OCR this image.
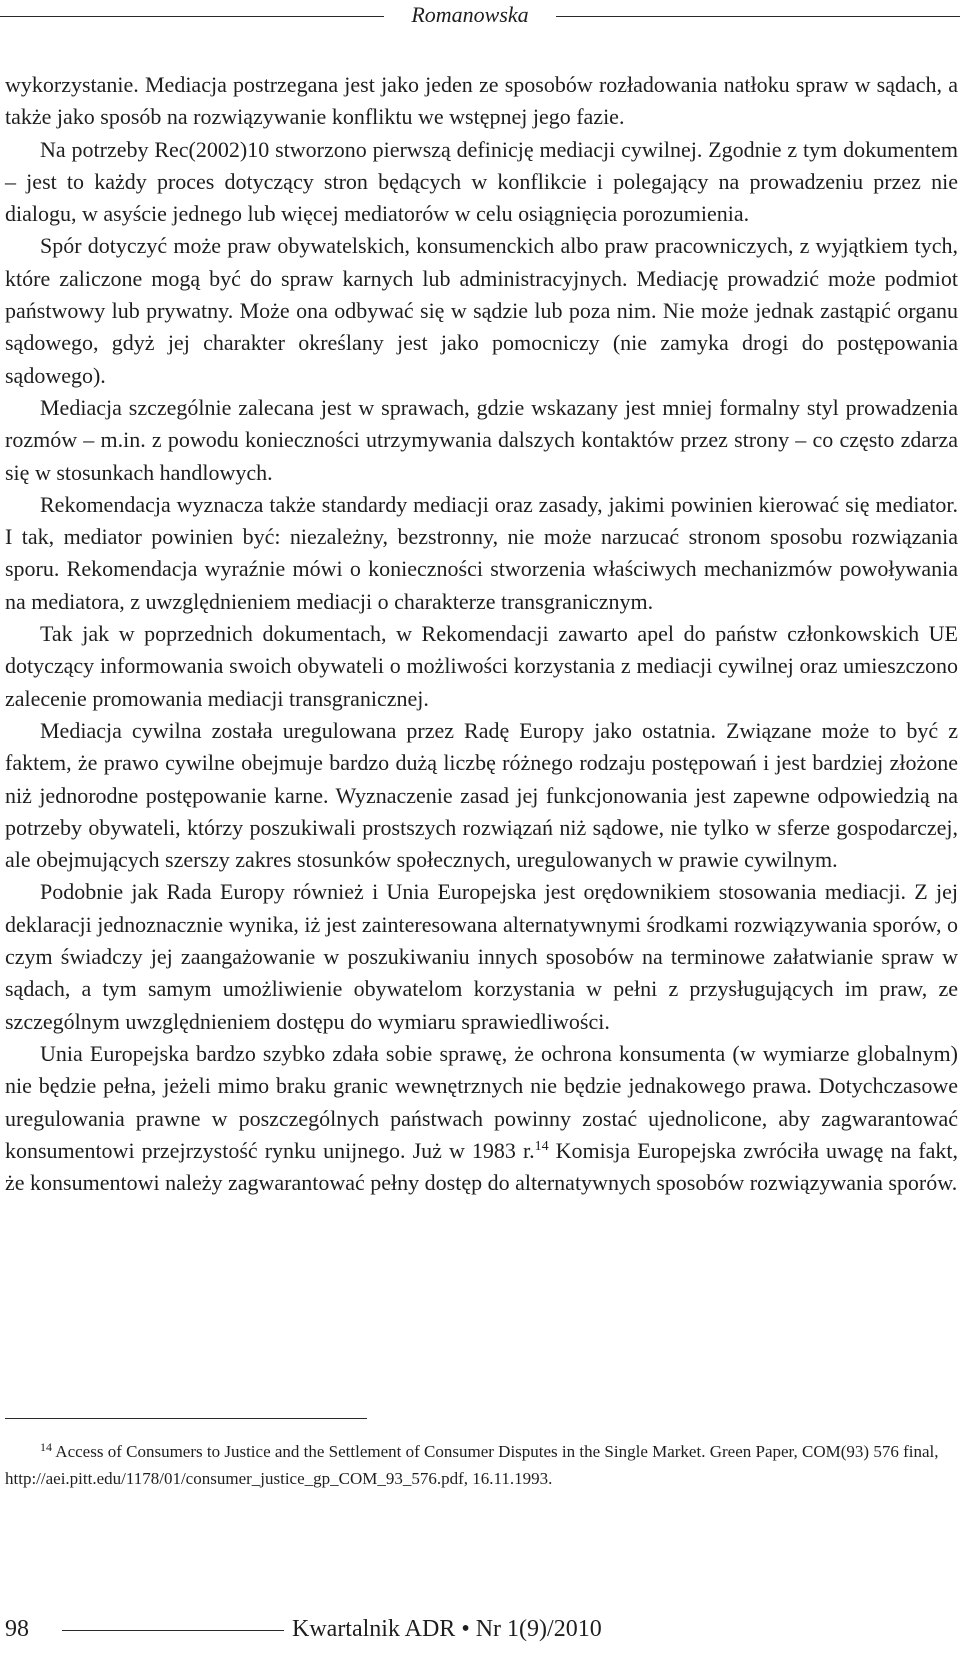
Romanowska

wykorzystanie. Mediacja postrzegana jest jako jeden ze sposobów rozładowania natłoku spraw w sądach, a także jako sposób na rozwiązywanie konfliktu we wstępnej jego fazie.

Na potrzeby Rec(2002)10 stworzono pierwszą definicję mediacji cywilnej. Zgodnie z tym dokumentem – jest to każdy proces dotyczący stron będących w konflikcie i polegający na prowadzeniu przez nie dialogu, w asyście jednego lub więcej mediatorów w celu osiągnięcia porozumienia.

Spór dotyczyć może praw obywatelskich, konsumenckich albo praw pracowniczych, z wyjątkiem tych, które zaliczone mogą być do spraw karnych lub administracyjnych. Mediację prowadzić może podmiot państwowy lub prywatny. Może ona odbywać się w sądzie lub poza nim. Nie może jednak zastąpić organu sądowego, gdyż jej charakter określany jest jako pomocniczy (nie zamyka drogi do postępowania sądowego).

Mediacja szczególnie zalecana jest w sprawach, gdzie wskazany jest mniej formalny styl prowadzenia rozmów – m.in. z powodu konieczności utrzymywania dalszych kontaktów przez strony – co często zdarza się w stosunkach handlowych.

Rekomendacja wyznacza także standardy mediacji oraz zasady, jakimi powinien kierować się mediator. I tak, mediator powinien być: niezależny, bezstronny, nie może narzucać stronom sposobu rozwiązania sporu. Rekomendacja wyraźnie mówi o konieczności stworzenia właściwych mechanizmów powoływania na mediatora, z uwzględnieniem mediacji o charakterze transgranicznym.

Tak jak w poprzednich dokumentach, w Rekomendacji zawarto apel do państw członkowskich UE dotyczący informowania swoich obywateli o możliwości korzystania z mediacji cywilnej oraz umieszczono zalecenie promowania mediacji transgranicznej.

Mediacja cywilna została uregulowana przez Radę Europy jako ostatnia. Związane może to być z faktem, że prawo cywilne obejmuje bardzo dużą liczbę różnego rodzaju postępowań i jest bardziej złożone niż jednorodne postępowanie karne. Wyznaczenie zasad jej funkcjonowania jest zapewne odpowiedzią na potrzeby obywateli, którzy poszukiwali prostszych rozwiązań niż sądowe, nie tylko w sferze gospodarczej, ale obejmujących szerszy zakres stosunków społecznych, uregulowanych w prawie cywilnym.

Podobnie jak Rada Europy również i Unia Europejska jest orędownikiem stosowania mediacji. Z jej deklaracji jednoznacznie wynika, iż jest zainteresowana alternatywnymi środkami rozwiązywania sporów, o czym świadczy jej zaangażowanie w poszukiwaniu innych sposobów na terminowe załatwianie spraw w sądach, a tym samym umożliwienie obywatelom korzystania w pełni z przysługujących im praw, ze szczególnym uwzględnieniem dostępu do wymiaru sprawiedliwości.

Unia Europejska bardzo szybko zdała sobie sprawę, że ochrona konsumenta (w wymiarze globalnym) nie będzie pełna, jeżeli mimo braku granic wewnętrznych nie będzie jednakowego prawa. Dotychczasowe uregulowania prawne w poszczególnych państwach powinny zostać ujednolicone, aby zagwarantować konsumentowi przejrzystość rynku unijnego. Już w 1983 r.$^{14}$ Komisja Europejska zwróciła uwagę na fakt, że konsumentowi należy zagwarantować pełny dostęp do alternatywnych sposobów rozwiązywania sporów.

$^{14}$ Access of Consumers to Justice and the Settlement of Consumer Disputes in the Single Market. Green Paper, COM(93) 576 final, http://aei.pitt.edu/1178/01/consumer_justice_gp_COM_93_576.pdf, 16.11.1993.

98	Kwartalnik ADR • Nr 1(9)/2010
